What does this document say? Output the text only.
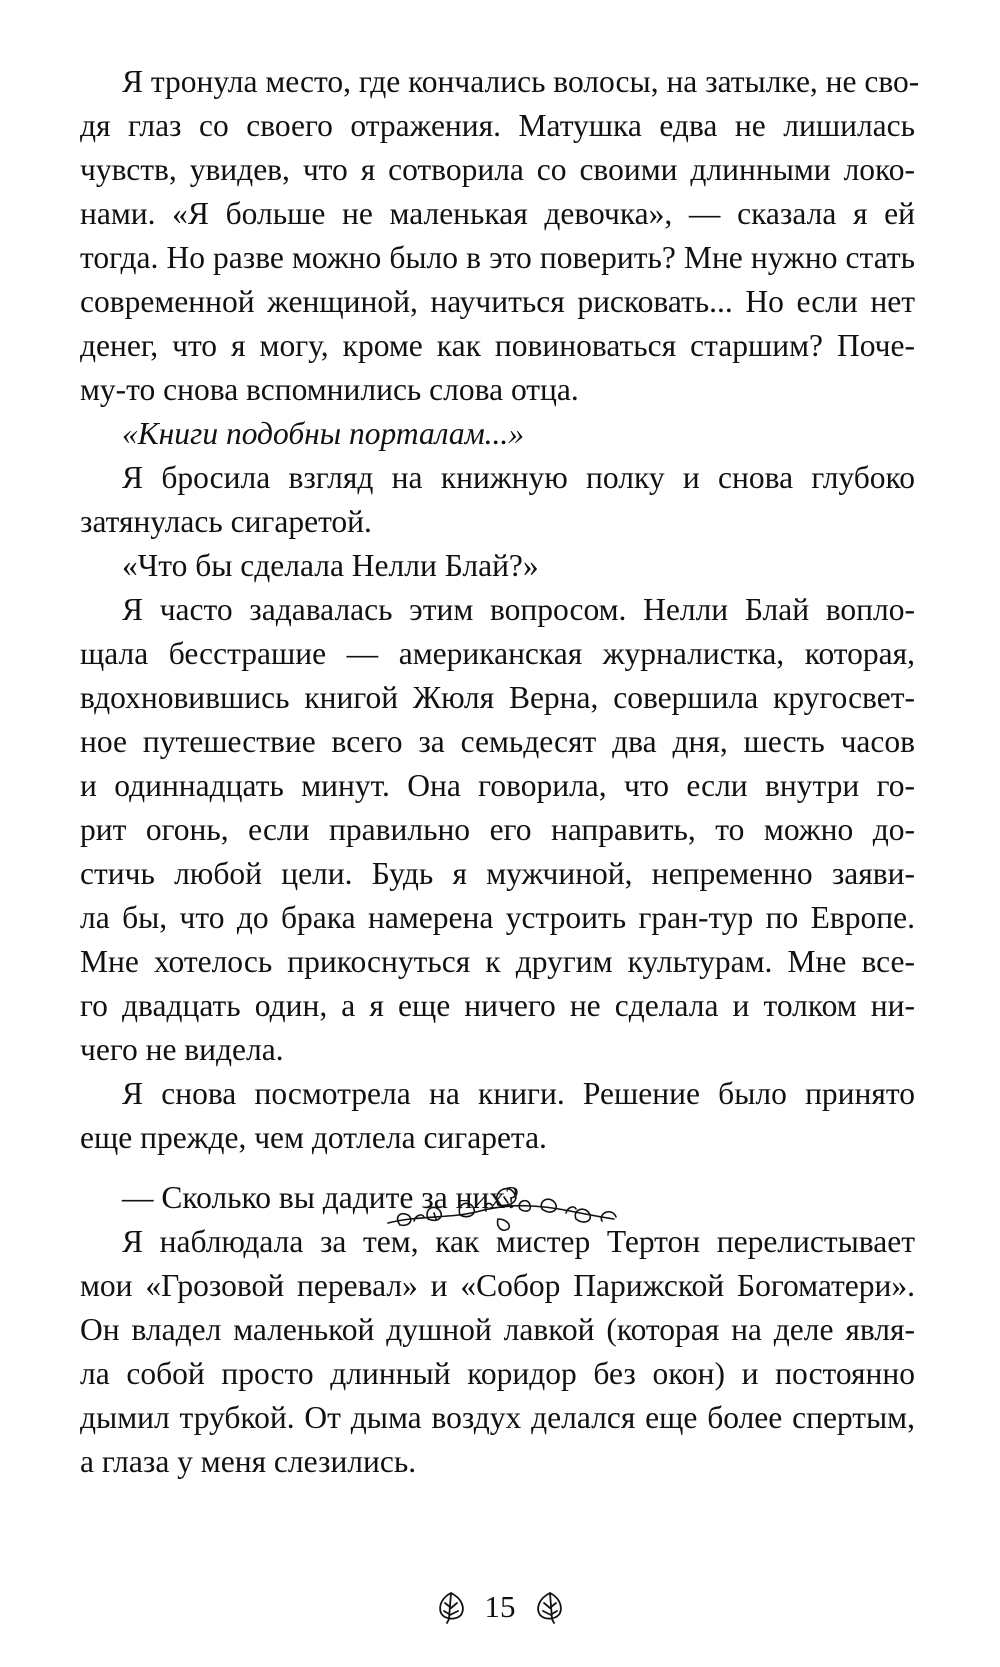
Я тронула место, где кончались волосы, на затылке, не сво-
дя глаз со своего отражения. Матушка едва не лишилась
чувств, увидев, что я сотворила со своими длинными локо-
нами. «Я больше не маленькая девочка», — сказала я ей
тогда. Но разве можно было в это поверить? Мне нужно стать
современной женщиной, научиться рисковать... Но если нет
денег, что я могу, кроме как повиноваться старшим? Поче-
му-то снова вспомнились слова отца.
«Книги подобны порталам...»
Я бросила взгляд на книжную полку и снова глубоко
затянулась сигаретой.
«Что бы сделала Нелли Блай?»
Я часто задавалась этим вопросом. Нелли Блай вопло-
щала бесстрашие — американская журналистка, которая,
вдохновившись книгой Жюля Верна, совершила кругосвет-
ное путешествие всего за семьдесят два дня, шесть часов
и одиннадцать минут. Она говорила, что если внутри го-
рит огонь, если правильно его направить, то можно до-
стичь любой цели. Будь я мужчиной, непременно заяви-
ла бы, что до брака намерена устроить гран-тур по Европе.
Мне хотелось прикоснуться к другим культурам. Мне все-
го двадцать один, а я еще ничего не сделала и толком ни-
чего не видела.
Я снова посмотрела на книги. Решение было принято
еще прежде, чем дотлела сигарета.
— Сколько вы дадите за них?
Я наблюдала за тем, как мистер Тертон перелистывает
мои «Грозовой перевал» и «Собор Парижской Богоматери».
Он владел маленькой душной лавкой (которая на деле явля-
ла собой просто длинный коридор без окон) и постоянно
дымил трубкой. От дыма воздух делался еще более спертым,
а глаза у меня слезились.
15
